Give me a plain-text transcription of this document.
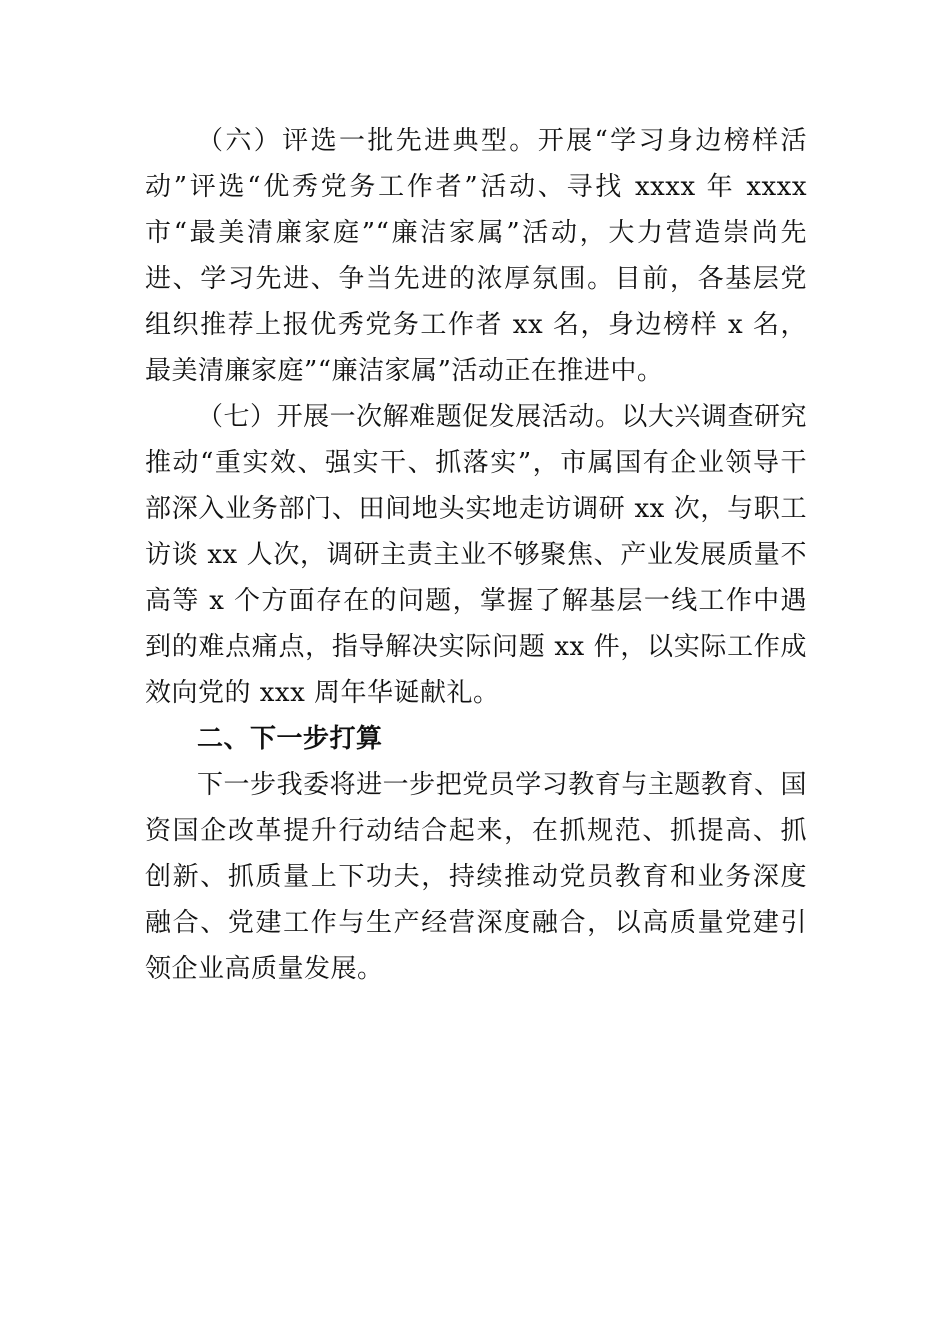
（六）评选一批先进典型。开展“学习身边榜样活动”评选“优秀党务工作者”活动、寻找 xxxx 年 xxxx 市“最美清廉家庭”“廉洁家属”活动，大力营造崇尚先进、学习先进、争当先进的浓厚氛围。目前，各基层党组织推荐上报优秀党务工作者 xx 名，身边榜样 x 名，最美清廉家庭”“廉洁家属”活动正在推进中。

（七）开展一次解难题促发展活动。以大兴调查研究推动“重实效、强实干、抓落实”，市属国有企业领导干部深入业务部门、田间地头实地走访调研 xx 次，与职工访谈 xx 人次，调研主责主业不够聚焦、产业发展质量不高等 x 个方面存在的问题，掌握了解基层一线工作中遇到的难点痛点，指导解决实际问题 xx 件，以实际工作成效向党的 xxx 周年华诞献礼。

二、下一步打算

下一步我委将进一步把党员学习教育与主题教育、国资国企改革提升行动结合起来，在抓规范、抓提高、抓创新、抓质量上下功夫，持续推动党员教育和业务深度融合、党建工作与生产经营深度融合，以高质量党建引领企业高质量发展。
